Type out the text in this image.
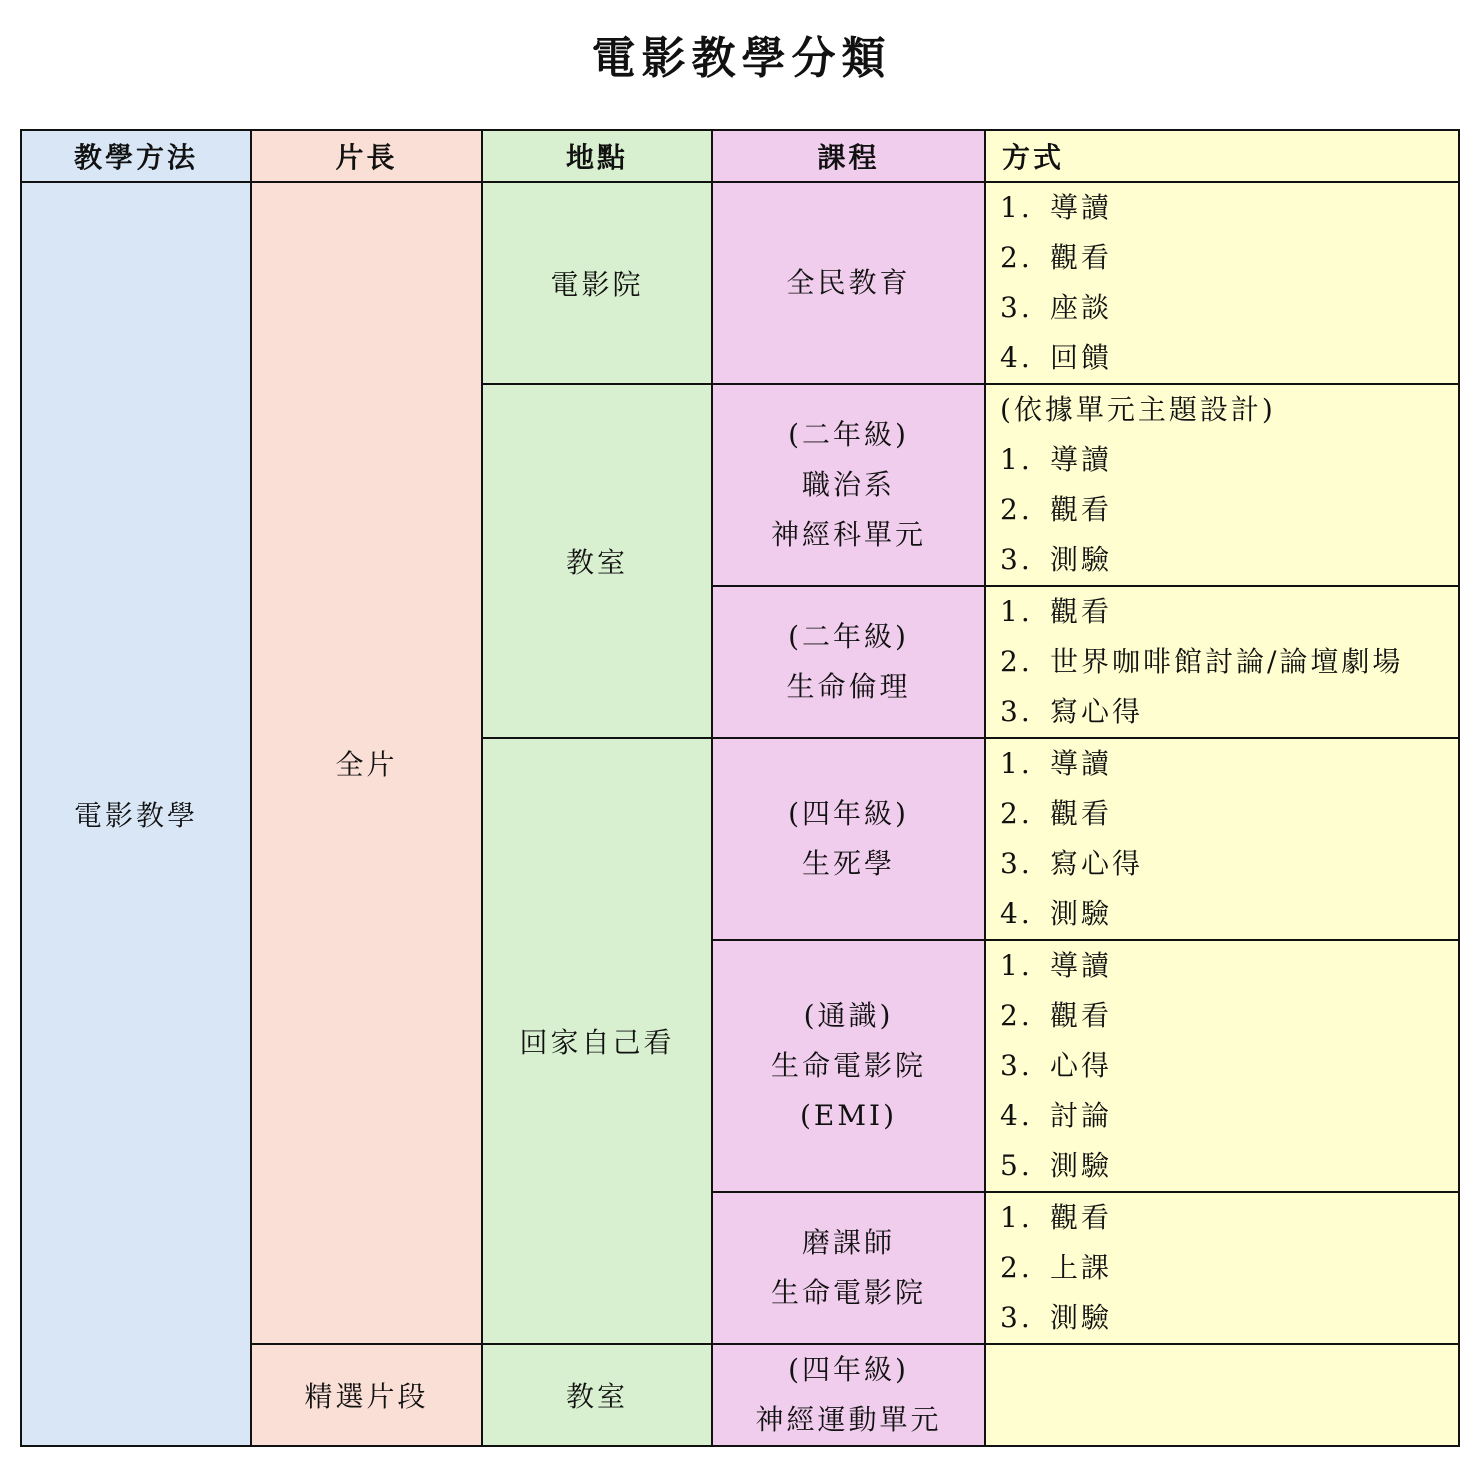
電影教學分類
教學方法	片長	地點	課程	方式
電影教學	全片	電影院	全民教育	1. 導讀
2. 觀看
3. 座談
4. 回饋

		教室	(二年級)
職治系
神經科單元	(依據單元主題設計)
1. 導讀
2. 觀看
3. 測驗

			(二年級)
生命倫理	1. 觀看
2. 世界咖啡館討論/論壇劇場
3. 寫心得

		回家自己看	(四年級)
生死學	1. 導讀
2. 觀看
3. 寫心得
4. 測驗

			(通識)
生命電影院
(EMI)	1. 導讀
2. 觀看
3. 心得
4. 討論
5. 測驗

			磨課師
生命電影院	1. 觀看
2. 上課
3. 測驗

	精選片段	教室	(四年級)
神經運動單元	
